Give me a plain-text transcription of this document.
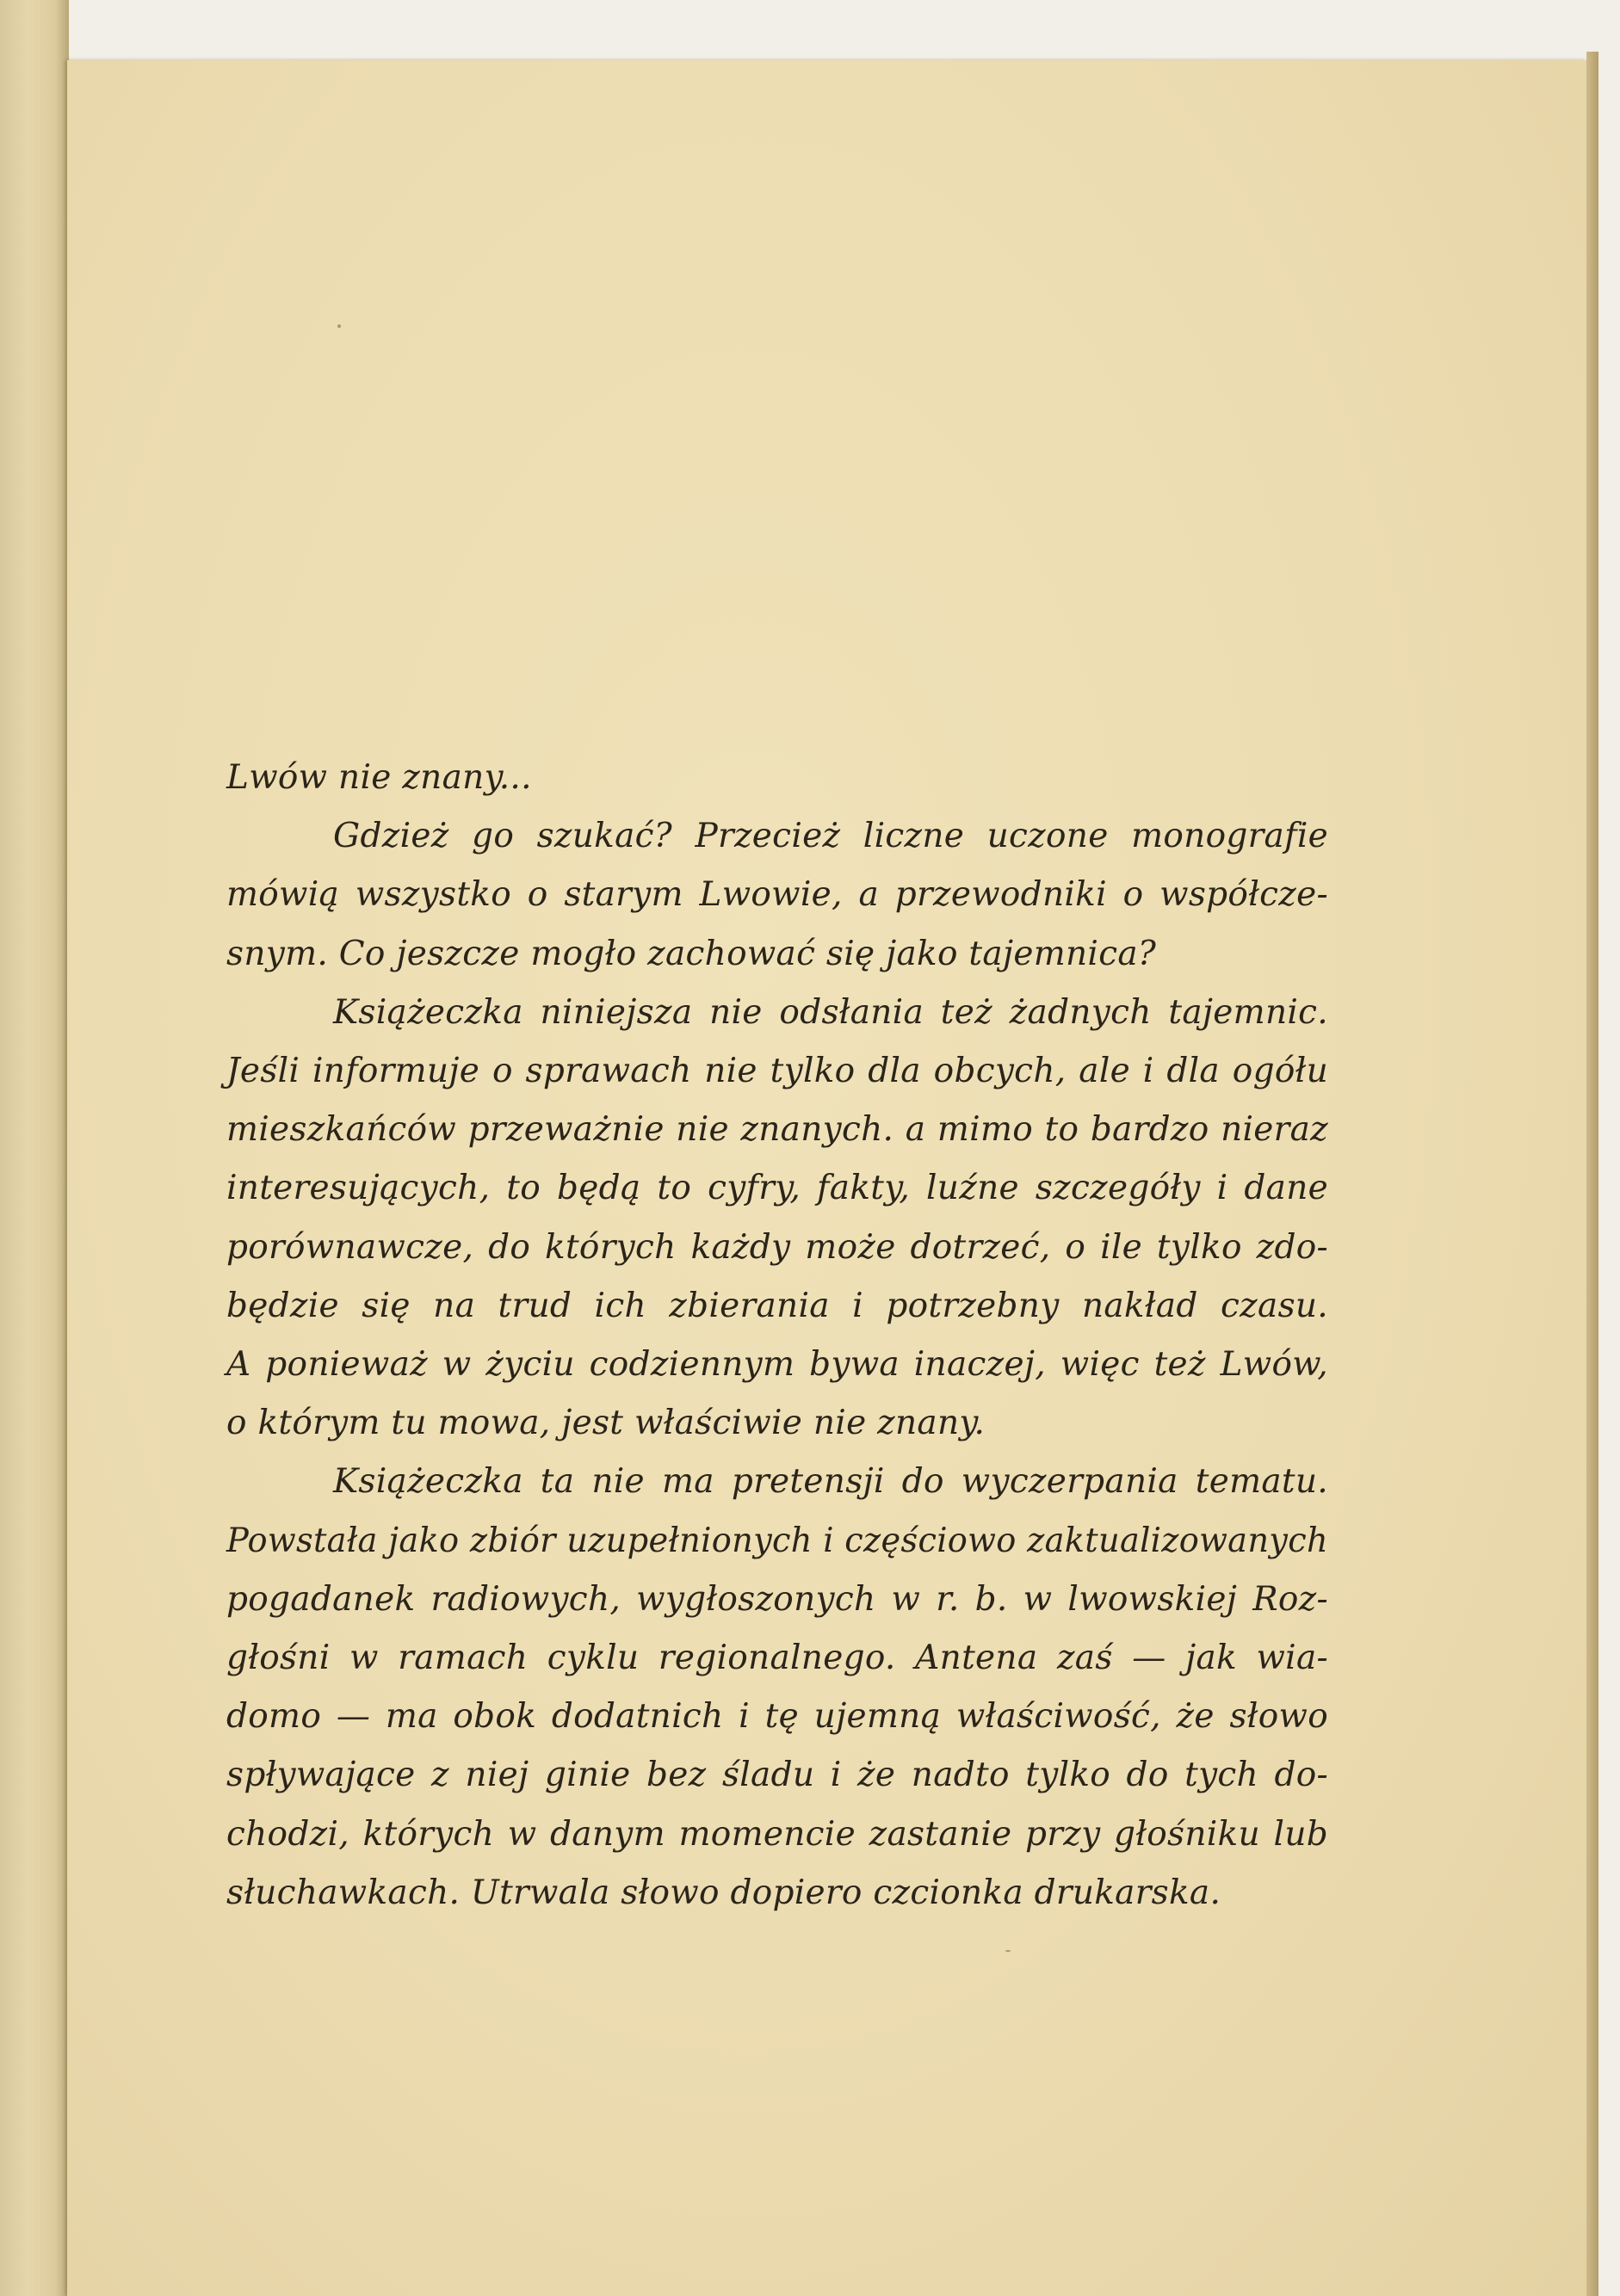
Lwów nie znany...
Gdzież go szukać? Przecież liczne uczone monografie
mówią wszystko o starym Lwowie, a przewodniki o współcze-
snym. Co jeszcze mogło zachować się jako tajemnica?
Książeczka niniejsza nie odsłania też żadnych tajemnic.
Jeśli informuje o sprawach nie tylko dla obcych, ale i dla ogółu
mieszkańców przeważnie nie znanych. a mimo to bardzo nieraz
interesujących, to będą to cyfry, fakty, luźne szczegóły i dane
porównawcze, do których każdy może dotrzeć, o ile tylko zdo-
będzie się na trud ich zbierania i potrzebny nakład czasu.
A ponieważ w życiu codziennym bywa inaczej, więc też Lwów,
o którym tu mowa, jest właściwie nie znany.
Książeczka ta nie ma pretensji do wyczerpania tematu.
Powstała jako zbiór uzupełnionych i częściowo zaktualizowanych
pogadanek radiowych, wygłoszonych w r. b. w lwowskiej Roz-
głośni w ramach cyklu regionalnego. Antena zaś — jak wia-
domo — ma obok dodatnich i tę ujemną właściwość, że słowo
spływające z niej ginie bez śladu i że nadto tylko do tych do-
chodzi, których w danym momencie zastanie przy głośniku lub
słuchawkach. Utrwala słowo dopiero czcionka drukarska.
